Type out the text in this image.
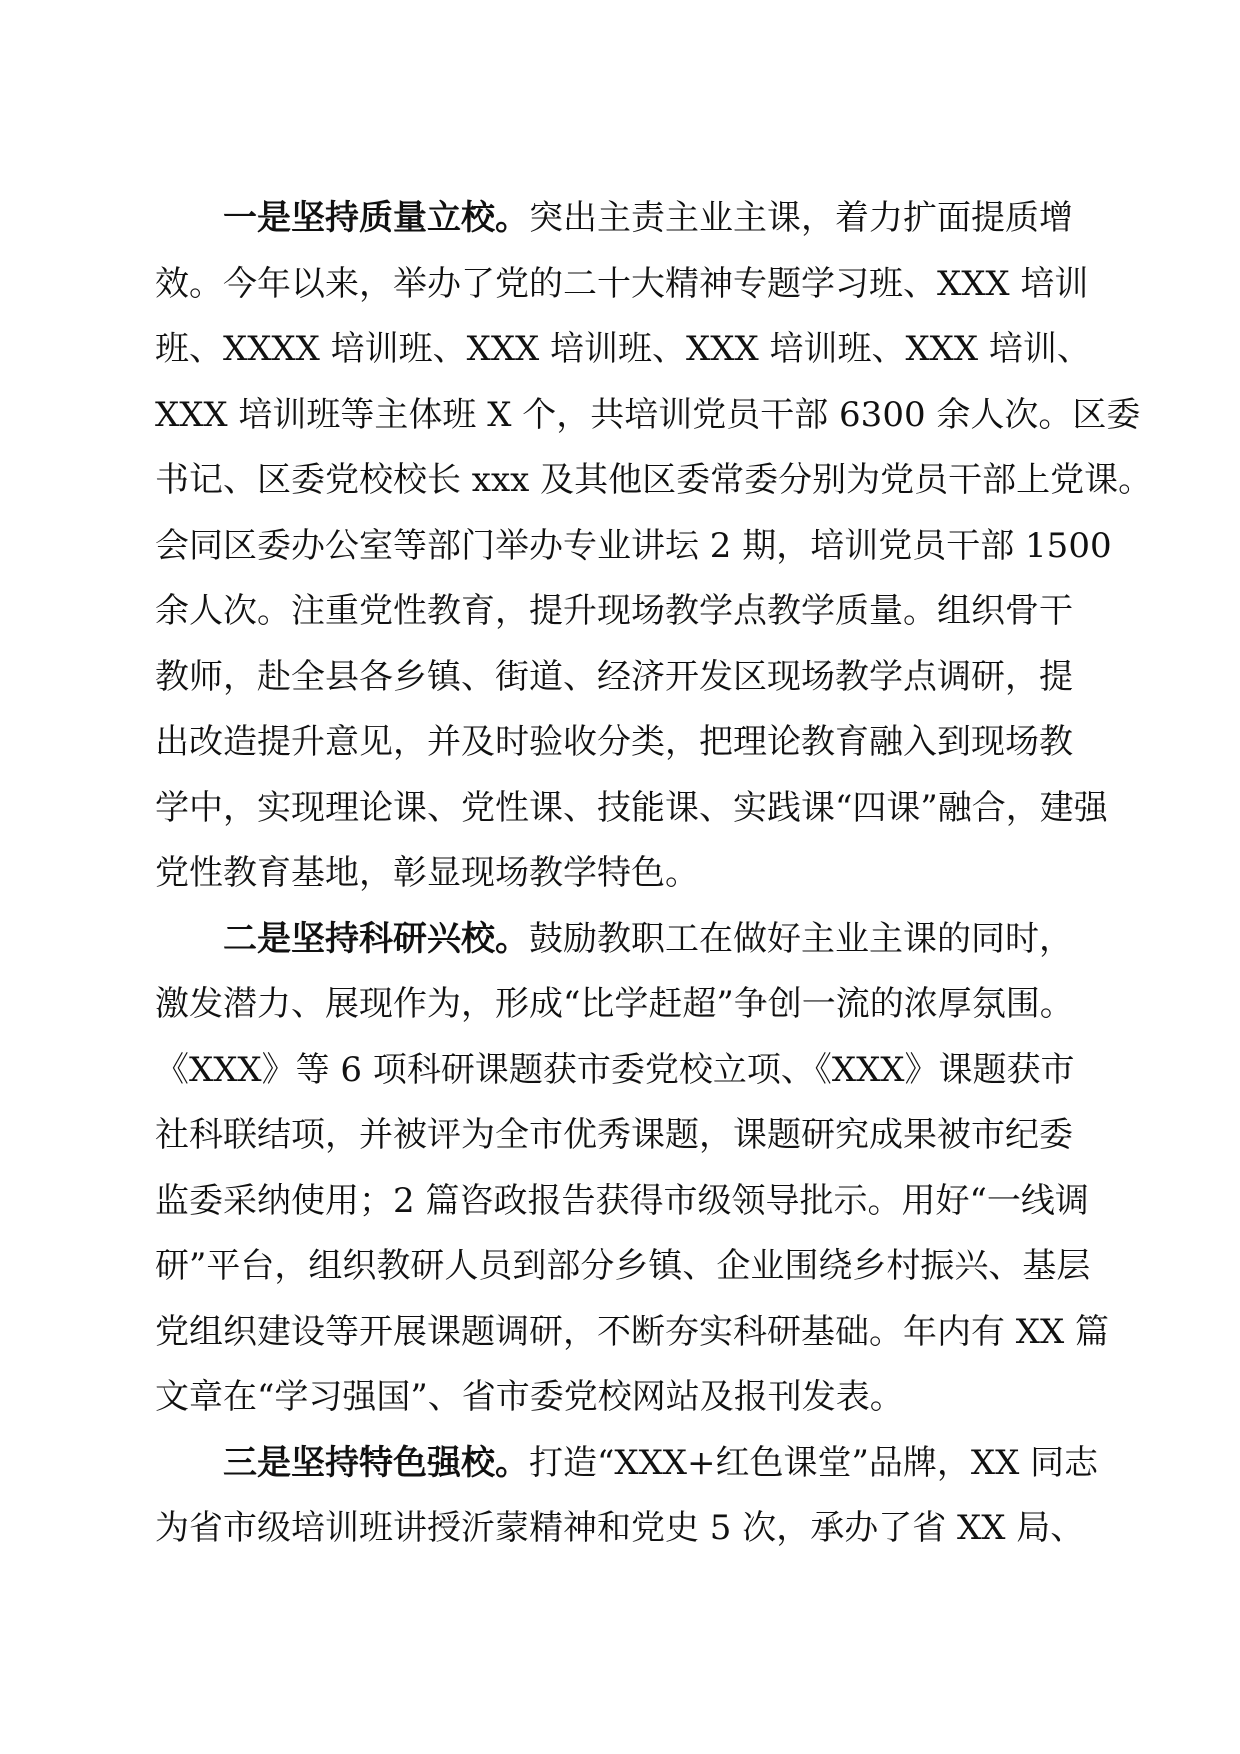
一是坚持质量立校。突出主责主业主课，着力扩面提质增
效。今年以来，举办了党的二十大精神专题学习班、XXX 培训
班、XXXX 培训班、XXX 培训班、XXX 培训班、XXX 培训、
XXX 培训班等主体班 X 个，共培训党员干部 6300 余人次。区委
书记、区委党校校长 xxx 及其他区委常委分别为党员干部上党课。
会同区委办公室等部门举办专业讲坛 2 期，培训党员干部 1500
余人次。注重党性教育，提升现场教学点教学质量。组织骨干
教师，赴全县各乡镇、街道、经济开发区现场教学点调研，提
出改造提升意见，并及时验收分类，把理论教育融入到现场教
学中，实现理论课、党性课、技能课、实践课“四课”融合，建强
党性教育基地，彰显现场教学特色。
二是坚持科研兴校。鼓励教职工在做好主业主课的同时，
激发潜力、展现作为，形成“比学赶超”争创一流的浓厚氛围。
《XXX》等 6 项科研课题获市委党校立项、《XXX》课题获市
社科联结项，并被评为全市优秀课题，课题研究成果被市纪委
监委采纳使用；2 篇咨政报告获得市级领导批示。用好“一线调
研”平台，组织教研人员到部分乡镇、企业围绕乡村振兴、基层
党组织建设等开展课题调研，不断夯实科研基础。年内有 XX 篇
文章在“学习强国”、省市委党校网站及报刊发表。
三是坚持特色强校。打造“XXX+红色课堂”品牌，XX 同志
为省市级培训班讲授沂蒙精神和党史 5 次，承办了省 XX 局、
